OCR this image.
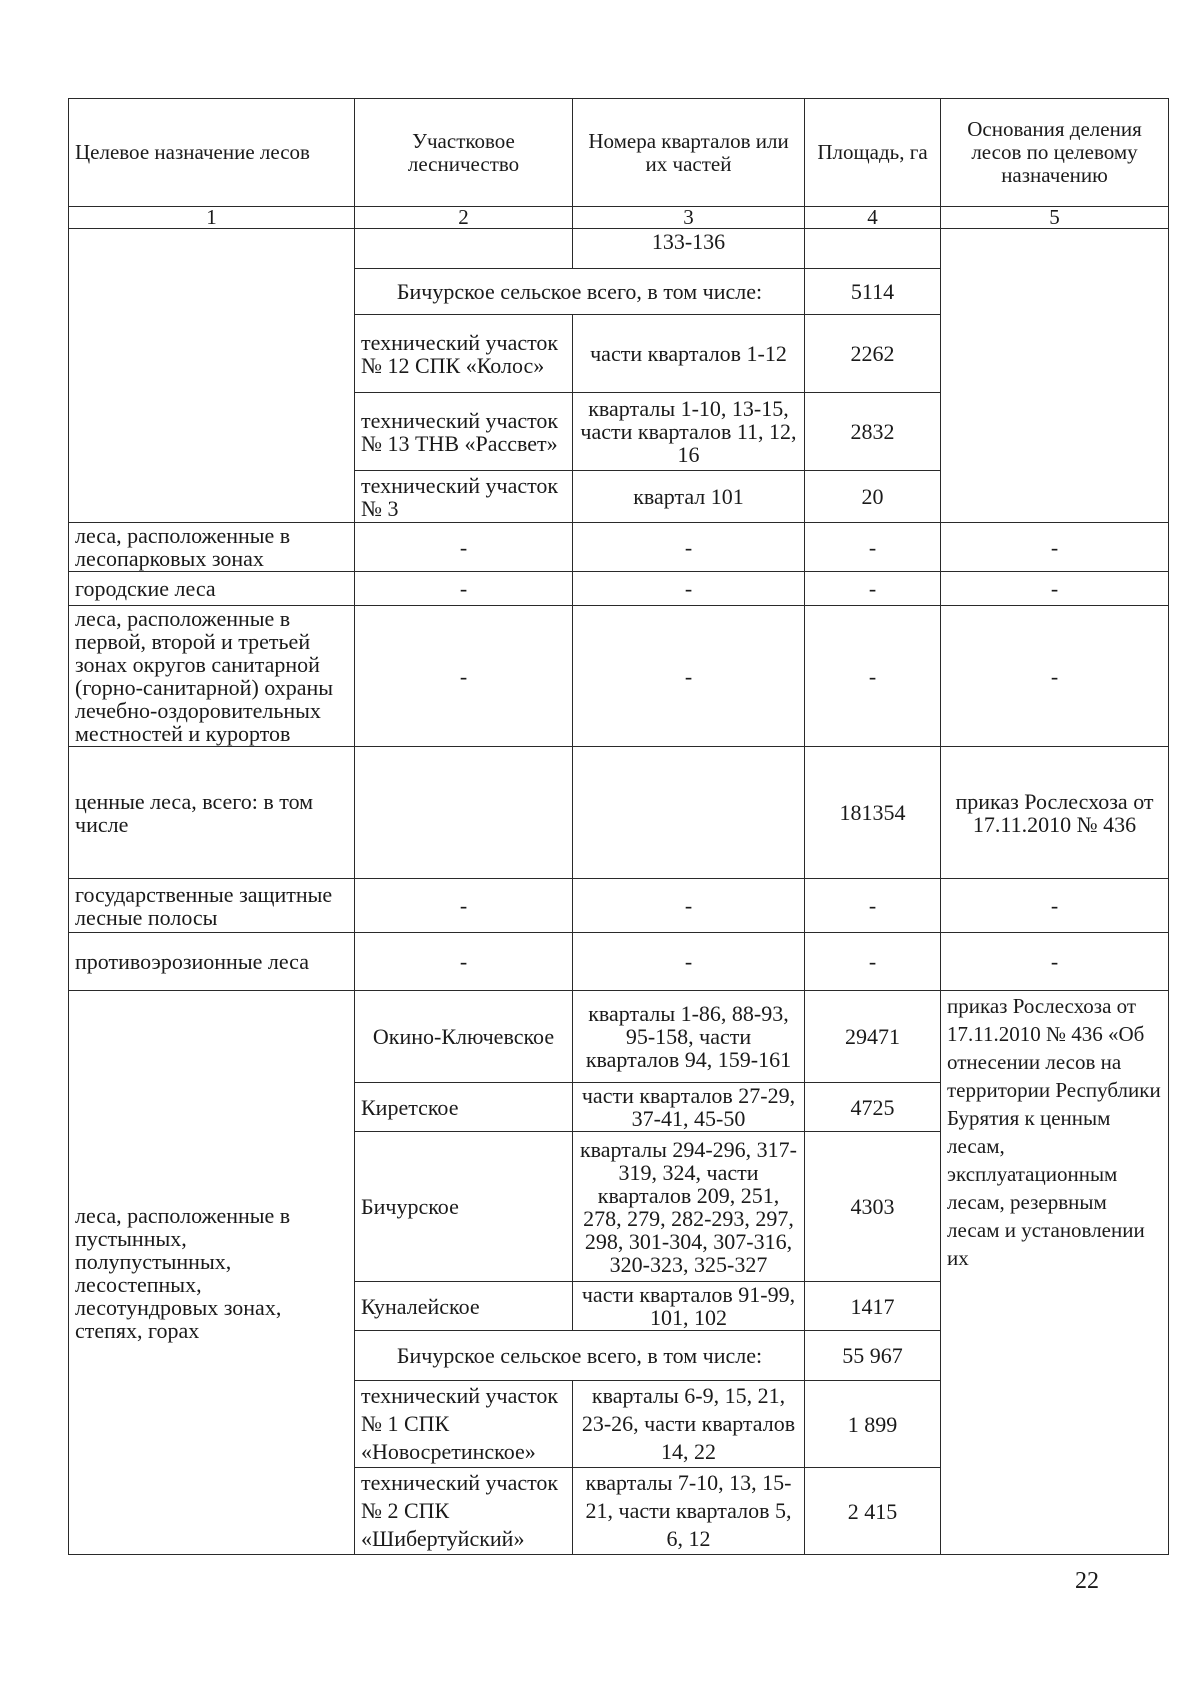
Целевое назначение лесов	Участковое лесничество	Номера кварталов или их частей	Площадь, га	Основания деления лесов по целевому назначению
1	2	3	4	5
		133-136		
	Бичурское сельское всего, в том числе:		5114	
	технический участок № 12 СПК «Колос»	части кварталов 1-12	2262	
	технический участок № 13 ТНВ «Рассвет»	кварталы 1-10, 13-15, части кварталов 11, 12, 16	2832	
	технический участок № 3	квартал 101	20	
леса, расположенные в лесопарковых зонах	-	-	-	-
городские леса	-	-	-	-
леса, расположенные в первой, второй и третьей зонах округов санитарной (горно-санитарной) охраны лечебно-оздоровительных местностей и курортов	-	-	-	-
ценные леса, всего: в том числе			181354	приказ Рослесхоза от 17.11.2010 № 436
государственные защитные лесные полосы	-	-	-	-
противоэрозионные леса	-	-	-	-
леса, расположенные в пустынных, полупустынных, лесостепных, лесотундровых зонах, степях, горах	Окино-Ключевское	кварталы 1-86, 88-93, 95-158, части кварталов 94, 159-161	29471	приказ Рослесхоза от 17.11.2010 № 436 «Об отнесении лесов на территории Республики Бурятия к ценным лесам, эксплуатационным лесам, резервным лесам и установлении их
	Киретское	части кварталов 27-29, 37-41, 45-50	4725	
	Бичурское	кварталы 294-296, 317-319, 324, части кварталов 209, 251, 278, 279, 282-293, 297, 298, 301-304, 307-316, 320-323, 325-327	4303	
	Куналейское	части кварталов 91-99, 101, 102	1417	
	Бичурское сельское всего, в том числе:		55 967	
	технический участок № 1 СПК «Новосретинское»	кварталы 6-9, 15, 21, 23-26, части кварталов 14, 22	1 899	
	технический участок № 2 СПК «Шибертуйский»	кварталы 7-10, 13, 15-21, части кварталов 5, 6, 12	2 415	
22
